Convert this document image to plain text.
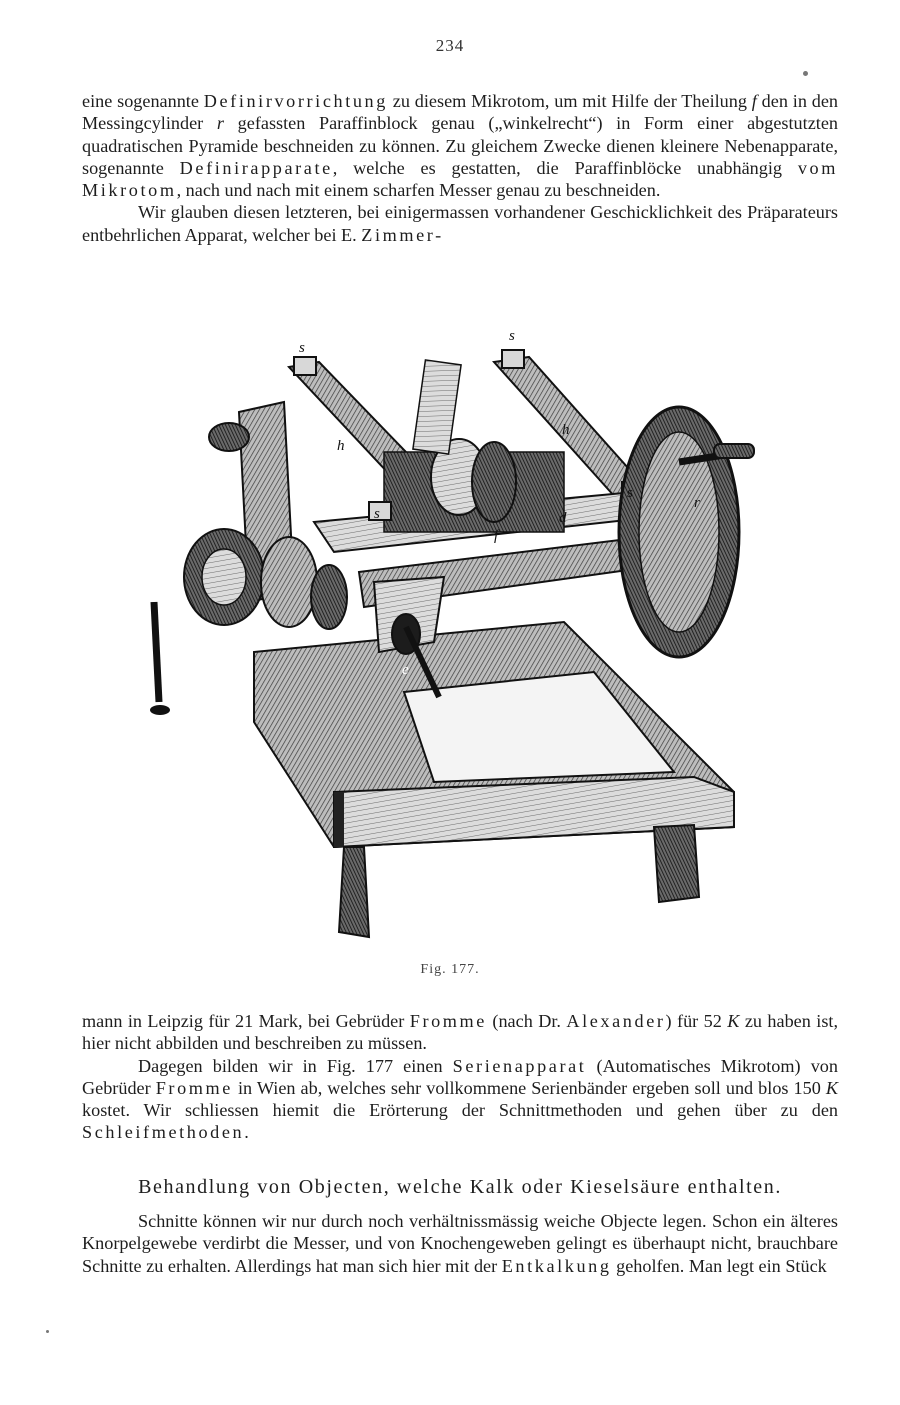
234

eine sogenannte Definirvorrichtung zu diesem Mikrotom, um mit Hilfe der Theilung f den in den Messingcylinder r gefassten Paraffinblock genau („winkelrecht“) in Form einer abgestutzten quadratischen Pyramide beschneiden zu können. Zu gleichem Zwecke dienen kleinere Nebenapparate, sogenannte Definirapparate, welche es gestatten, die Paraffinblöcke unabhängig vom Mikrotom, nach und nach mit einem scharfen Messer genau zu beschneiden.

Wir glauben diesen letzteren, bei einigermassen vorhandener Geschicklichkeit des Präparateurs entbehrlichen Apparat, welcher bei E. Zimmer-

s
s
h
h
r
s
s
f
d
e
Fig. 177.

mann in Leipzig für 21 Mark, bei Gebrüder Fromme (nach Dr. Alexander) für 52 K zu haben ist, hier nicht abbilden und beschreiben zu müssen.

Dagegen bilden wir in Fig. 177 einen Serienapparat (Automatisches Mikrotom) von Gebrüder Fromme in Wien ab, welches sehr vollkommene Serienbänder ergeben soll und blos 150 K kostet. Wir schliessen hiemit die Erörterung der Schnittmethoden und gehen über zu den Schleifmethoden.

Behandlung von Objecten, welche Kalk oder Kieselsäure enthalten.

Schnitte können wir nur durch noch verhältnissmässig weiche Objecte legen. Schon ein älteres Knorpelgewebe verdirbt die Messer, und von Knochengeweben gelingt es überhaupt nicht, brauchbare Schnitte zu erhalten. Allerdings hat man sich hier mit der Entkalkung geholfen. Man legt ein Stück
